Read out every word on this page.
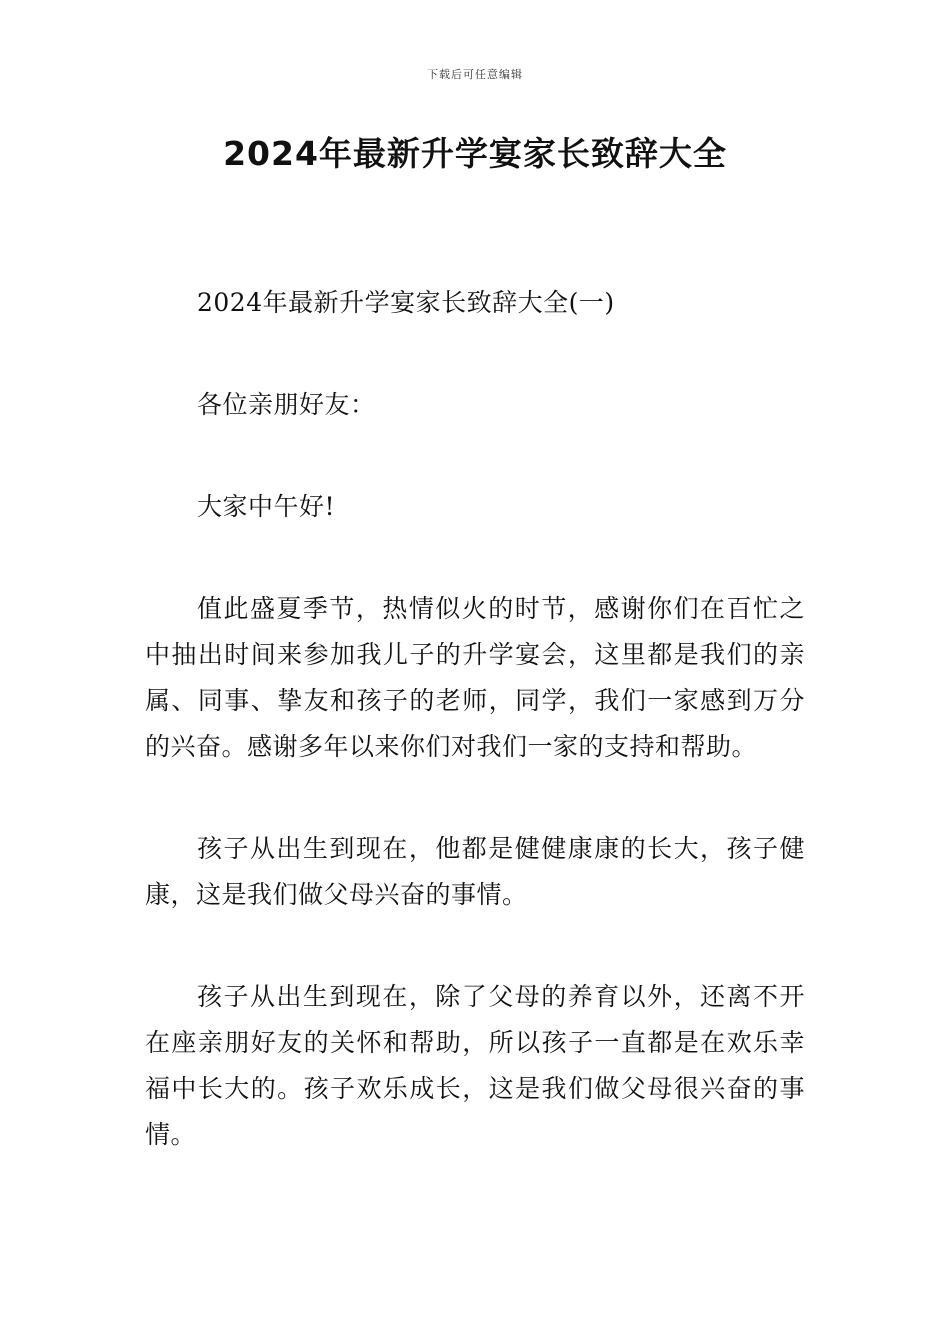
下载后可任意编辑
2024年最新升学宴家长致辞大全

2024年最新升学宴家长致辞大全(一)

各位亲朋好友：

大家中午好!

值此盛夏季节，热情似火的时节，感谢你们在百忙之中抽出时间来参加我儿子的升学宴会，这里都是我们的亲属、同事、挚友和孩子的老师，同学，我们一家感到万分的兴奋。感谢多年以来你们对我们一家的支持和帮助。

孩子从出生到现在，他都是健健康康的长大，孩子健康，这是我们做父母兴奋的事情。

孩子从出生到现在，除了父母的养育以外，还离不开在座亲朋好友的关怀和帮助，所以孩子一直都是在欢乐幸福中长大的。孩子欢乐成长，这是我们做父母很兴奋的事情。
